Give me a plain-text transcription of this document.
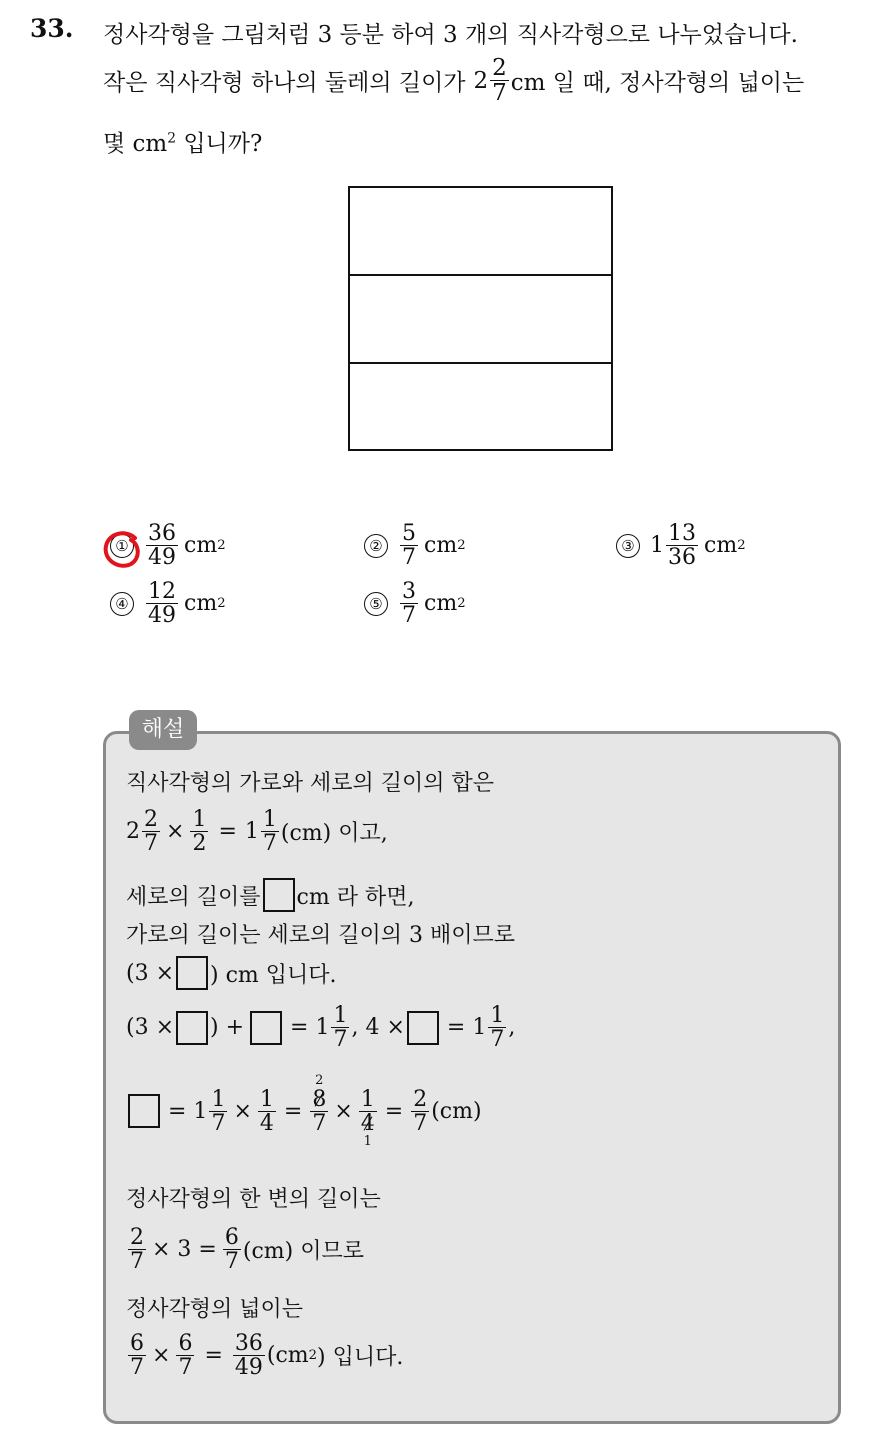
33. 정사각형을 그림처럼 3 등분 하여 3 개의 직사각형으로 나누었습니다.
작은 직사각형 하나의 둘레의 길이가 $2 \frac{2}{7}$ cm 일 때, 정사각형의 넓이는
몇 $cm^2$ 입니까?
① $\frac{36}{49}$ cm 2	② $\frac{5}{7}$ cm 2	③ $1 \frac{13}{36}$ cm 2
④ $\frac{12}{49}$ cm 2	⑤ $\frac{3}{7}$ cm 2
해설
직사각형의 가로와 세로의 길이의 합은
$2 \frac{2}{7} \times \frac{1}{2} = 1 \frac{1}{7} (cm)$ 이고,
세로의 길이를 cm 라 하면,
가로의 길이는 세로의 길이의 3 배이므로
(3 × ) cm 입니다.
(3 × ) + = $1 \frac{1}{7}$ , 4 × = $1 \frac{1}{7}$ ,
= $1 \frac{1}{7} \times \frac{1}{4}$ =
2
8
7 × 1
4
1
= $\frac{2}{7} (cm)$
정사각형의 한 변의 길이는
$\frac{2}{7} \times 3 = \frac{6}{7} (cm)$ 이므로
정사각형의 넓이는
$\frac{6}{7} \times \frac{6}{7} = \frac{36}{49} (cm$ 2 ) 입니다.
